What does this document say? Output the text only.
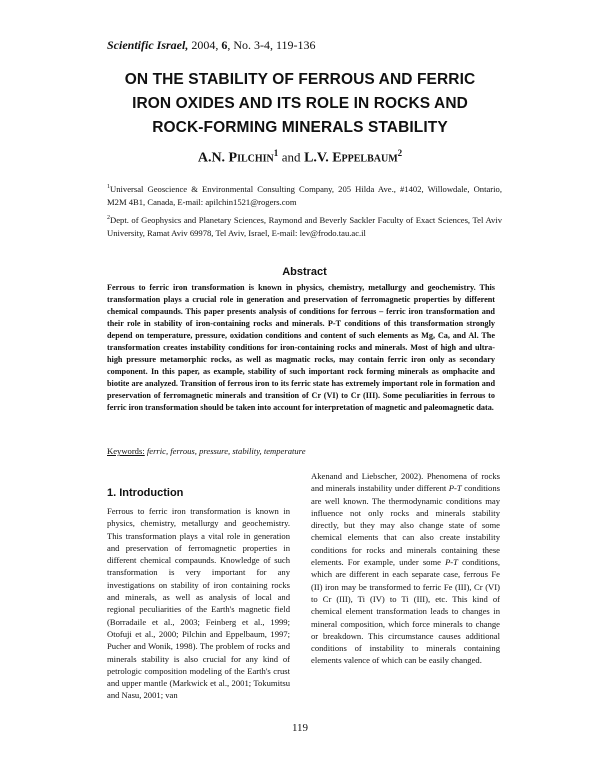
Scientific Israel, 2004, 6, No. 3-4, 119-136
ON THE STABILITY OF FERROUS AND FERRIC
IRON OXIDES AND ITS ROLE IN ROCKS AND
ROCK-FORMING MINERALS STABILITY
A.N. Pilchin$^1$ and L.V. Eppelbaum$^2$
$^1$Universal Geoscience & Environmental Consulting Company, 205 Hilda Ave., #1402, Willowdale, Ontario, M2M 4B1, Canada, E-mail: apilchin1521@rogers.com
$^2$Dept. of Geophysics and Planetary Sciences, Raymond and Beverly Sackler Faculty of Exact Sciences, Tel Aviv University, Ramat Aviv 69978, Tel Aviv, Israel, E-mail: lev@frodo.tau.ac.il
Abstract
Ferrous to ferric iron transformation is known in physics, chemistry, metallurgy and geochemistry. This transformation plays a crucial role in generation and preservation of ferromagnetic properties by different chemical compaunds. This paper presents analysis of conditions for ferrous – ferric iron transformation and their role in stability of iron-containing rocks and minerals. P-T conditions of this transformation strongly depend on temperature, pressure, oxidation conditions and content of such elements as Mg, Ca, and Al. The transformation creates instability conditions for iron-containing rocks and minerals. Most of high and ultra-high pressure metamorphic rocks, as well as magmatic rocks, may contain ferric iron only as secondary component. In this paper, as example, stability of such important rock forming minerals as omphacite and biotite are analyzed. Transition of ferrous iron to its ferric state has extremely important role in formation and preservation of ferromagnetic minerals and transition of Cr (VI) to Cr (III). Some peculiarities in ferrous to ferric iron transformation should be taken into account for interpretation of magnetic and paleomagnetic data.
Keywords: ferric, ferrous, pressure, stability, temperature
1. Introduction
Ferrous to ferric iron transformation is known in physics, chemistry, metallurgy and geochemistry. This transformation plays a vital role in generation and preservation of ferromagnetic properties in different chemical compaunds. Knowledge of such transformation is very important for any investigations on stability of iron containing rocks and minerals, as well as analysis of local and regional peculiarities of the Earth's magnetic field (Borradaile et al., 2003; Feinberg et al., 1999; Otofuji et al., 2000; Pilchin and Eppelbaum, 1997; Pucher and Wonik, 1998). The problem of rocks and minerals stability is also crucial for any kind of petrologic composition modeling of the Earth's crust and upper mantle (Markwick et al., 2001; Tokumitsu and Nasu, 2001; van
Akenand and Liebscher, 2002). Phenomena of rocks and minerals instability under different P-T conditions are well known. The thermodynamic conditions may influence not only rocks and minerals stability directly, but they may also change state of some chemical elements that can also create instability conditions for rocks and minerals containing these elements. For example, under some P-T conditions, which are different in each separate case, ferrous Fe (II) iron may be transformed to ferric Fe (III), Cr (VI) to Cr (III), Ti (IV) to Ti (III), etc. This kind of chemical element transformation leads to changes in mineral composition, which force minerals to change or breakdown. This circumstance causes additional conditions of instability to minerals containing elements valence of which can be easily changed.
119
